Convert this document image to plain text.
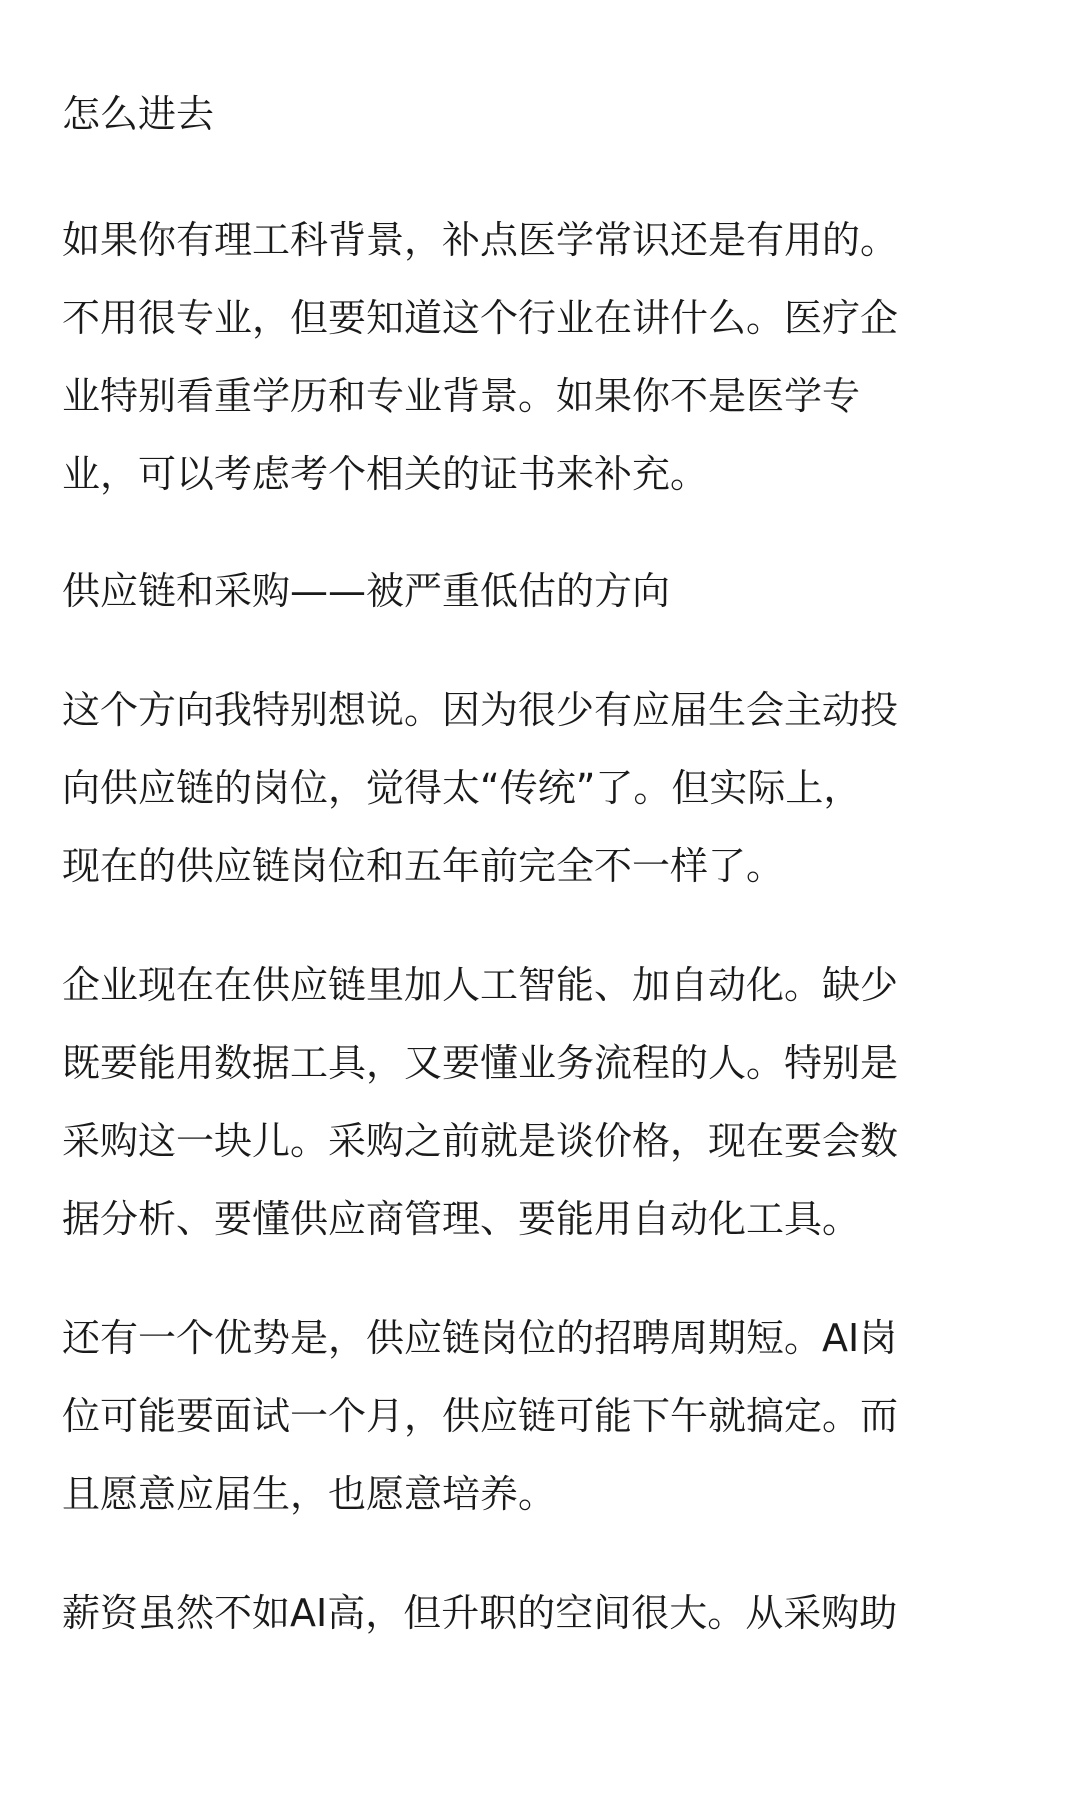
怎么进去
如果你有理工科背景，补点医学常识还是有用的。
不用很专业，但要知道这个行业在讲什么。医疗企
业特别看重学历和专业背景。如果你不是医学专
业，可以考虑考个相关的证书来补充。
供应链和采购——被严重低估的方向
这个方向我特别想说。因为很少有应届生会主动投
向供应链的岗位，觉得太“传统”了。但实际上，
现在的供应链岗位和五年前完全不一样了。
企业现在在供应链里加人工智能、加自动化。缺少
既要能用数据工具，又要懂业务流程的人。特别是
采购这一块儿。采购之前就是谈价格，现在要会数
据分析、要懂供应商管理、要能用自动化工具。
还有一个优势是，供应链岗位的招聘周期短。AI岗
位可能要面试一个月，供应链可能下午就搞定。而
且愿意应届生，也愿意培养。
薪资虽然不如AI高，但升职的空间很大。从采购助
